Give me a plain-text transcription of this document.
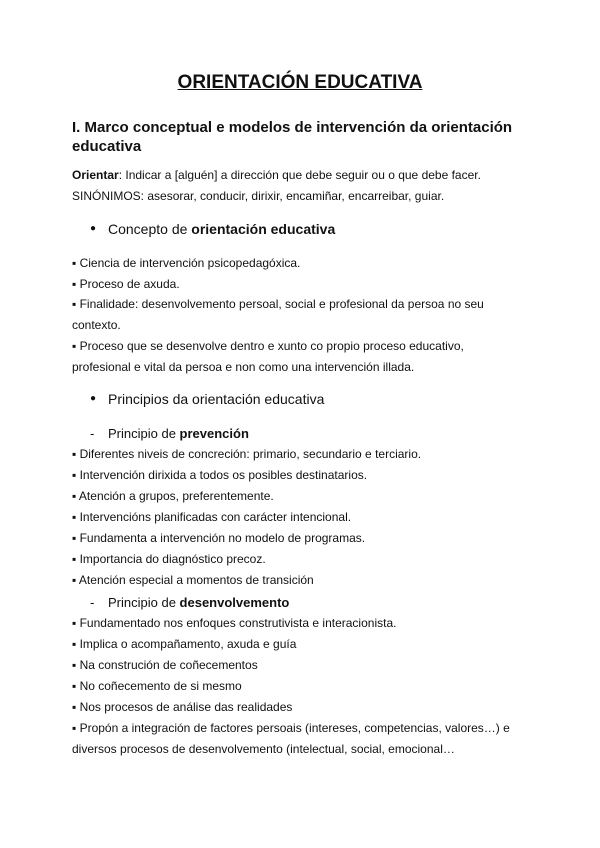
ORIENTACIÓN EDUCATIVA
I. Marco conceptual e modelos de intervención da orientación
educativa
Orientar: Indicar a [alguén] a dirección que debe seguir ou o que debe facer.
SINÓNIMOS: asesorar, conducir, dirixir, encamiñar, encarreibar, guiar.
● Concepto de orientación educativa
▪ Ciencia de intervención psicopedagóxica.
▪ Proceso de axuda.
▪ Finalidade: desenvolvemento persoal, social e profesional da persoa no seu
contexto.
▪ Proceso que se desenvolve dentro e xunto co propio proceso educativo,
profesional e vital da persoa e non como una intervención illada.
● Principios da orientación educativa
- Principio de prevención
▪ Diferentes niveis de concreción: primario, secundario e terciario.
▪ Intervención dirixida a todos os posibles destinatarios.
▪ Atención a grupos, preferentemente.
▪ Intervencións planificadas con carácter intencional.
▪ Fundamenta a intervención no modelo de programas.
▪ Importancia do diagnóstico precoz.
▪ Atención especial a momentos de transición
- Principio de desenvolvemento
▪ Fundamentado nos enfoques construtivista e interacionista.
▪ Implica o acompañamento, axuda e guía
▪ Na construción de coñecementos
▪ No coñecemento de si mesmo
▪ Nos procesos de análise das realidades
▪ Propón a integración de factores persoais (intereses, competencias, valores…) e
diversos procesos de desenvolvemento (intelectual, social, emocional…
